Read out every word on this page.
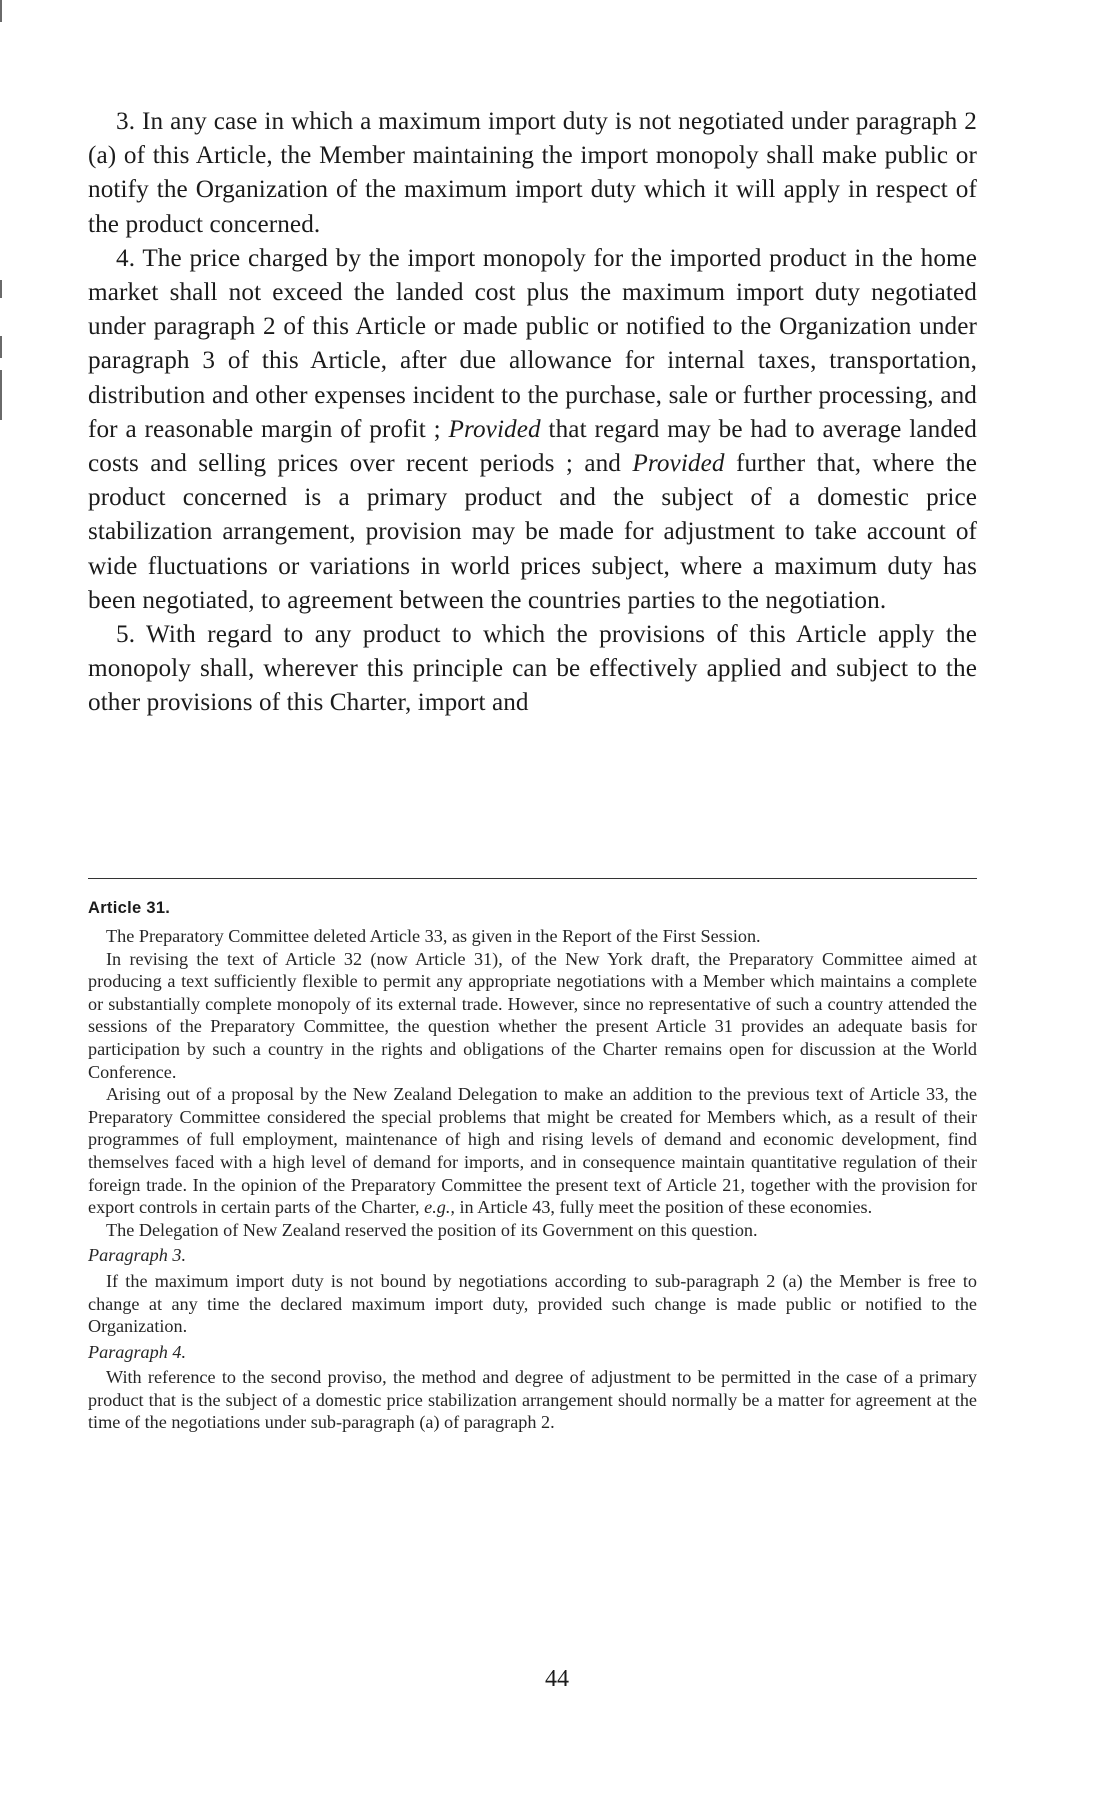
3. In any case in which a maximum import duty is not negotiated under paragraph 2 (a) of this Article, the Member maintaining the import monopoly shall make public or notify the Organization of the maximum import duty which it will apply in respect of the product concerned.

4. The price charged by the import monopoly for the imported product in the home market shall not exceed the landed cost plus the maximum import duty negotiated under paragraph 2 of this Article or made public or notified to the Organization under paragraph 3 of this Article, after due allowance for internal taxes, transportation, distribution and other expenses incident to the purchase, sale or further processing, and for a reasonable margin of profit ; Provided that regard may be had to average landed costs and selling prices over recent periods ; and Provided further that, where the product concerned is a primary product and the subject of a domestic price stabilization arrangement, provision may be made for adjustment to take account of wide fluctuations or variations in world prices subject, where a maximum duty has been negotiated, to agreement between the countries parties to the negotiation.

5. With regard to any product to which the provisions of this Article apply the monopoly shall, wherever this principle can be effectively applied and subject to the other provisions of this Charter, import and

Article 31.

The Preparatory Committee deleted Article 33, as given in the Report of the First Session.

In revising the text of Article 32 (now Article 31), of the New York draft, the Preparatory Committee aimed at producing a text sufficiently flexible to permit any appropriate negotiations with a Member which maintains a complete or substantially complete monopoly of its external trade. However, since no representative of such a country attended the sessions of the Preparatory Committee, the question whether the present Article 31 provides an adequate basis for participation by such a country in the rights and obligations of the Charter remains open for discussion at the World Conference.

Arising out of a proposal by the New Zealand Delegation to make an addition to the previous text of Article 33, the Preparatory Committee considered the special problems that might be created for Members which, as a result of their programmes of full employment, maintenance of high and rising levels of demand and economic development, find themselves faced with a high level of demand for imports, and in consequence maintain quantitative regulation of their foreign trade. In the opinion of the Preparatory Committee the present text of Article 21, together with the provision for export controls in certain parts of the Charter, e.g., in Article 43, fully meet the position of these economies.

The Delegation of New Zealand reserved the position of its Government on this question.

Paragraph 3.

If the maximum import duty is not bound by negotiations according to sub-paragraph 2 (a) the Member is free to change at any time the declared maximum import duty, provided such change is made public or notified to the Organization.

Paragraph 4.

With reference to the second proviso, the method and degree of adjustment to be permitted in the case of a primary product that is the subject of a domestic price stabilization arrangement should normally be a matter for agreement at the time of the negotiations under sub-paragraph (a) of paragraph 2.

44
